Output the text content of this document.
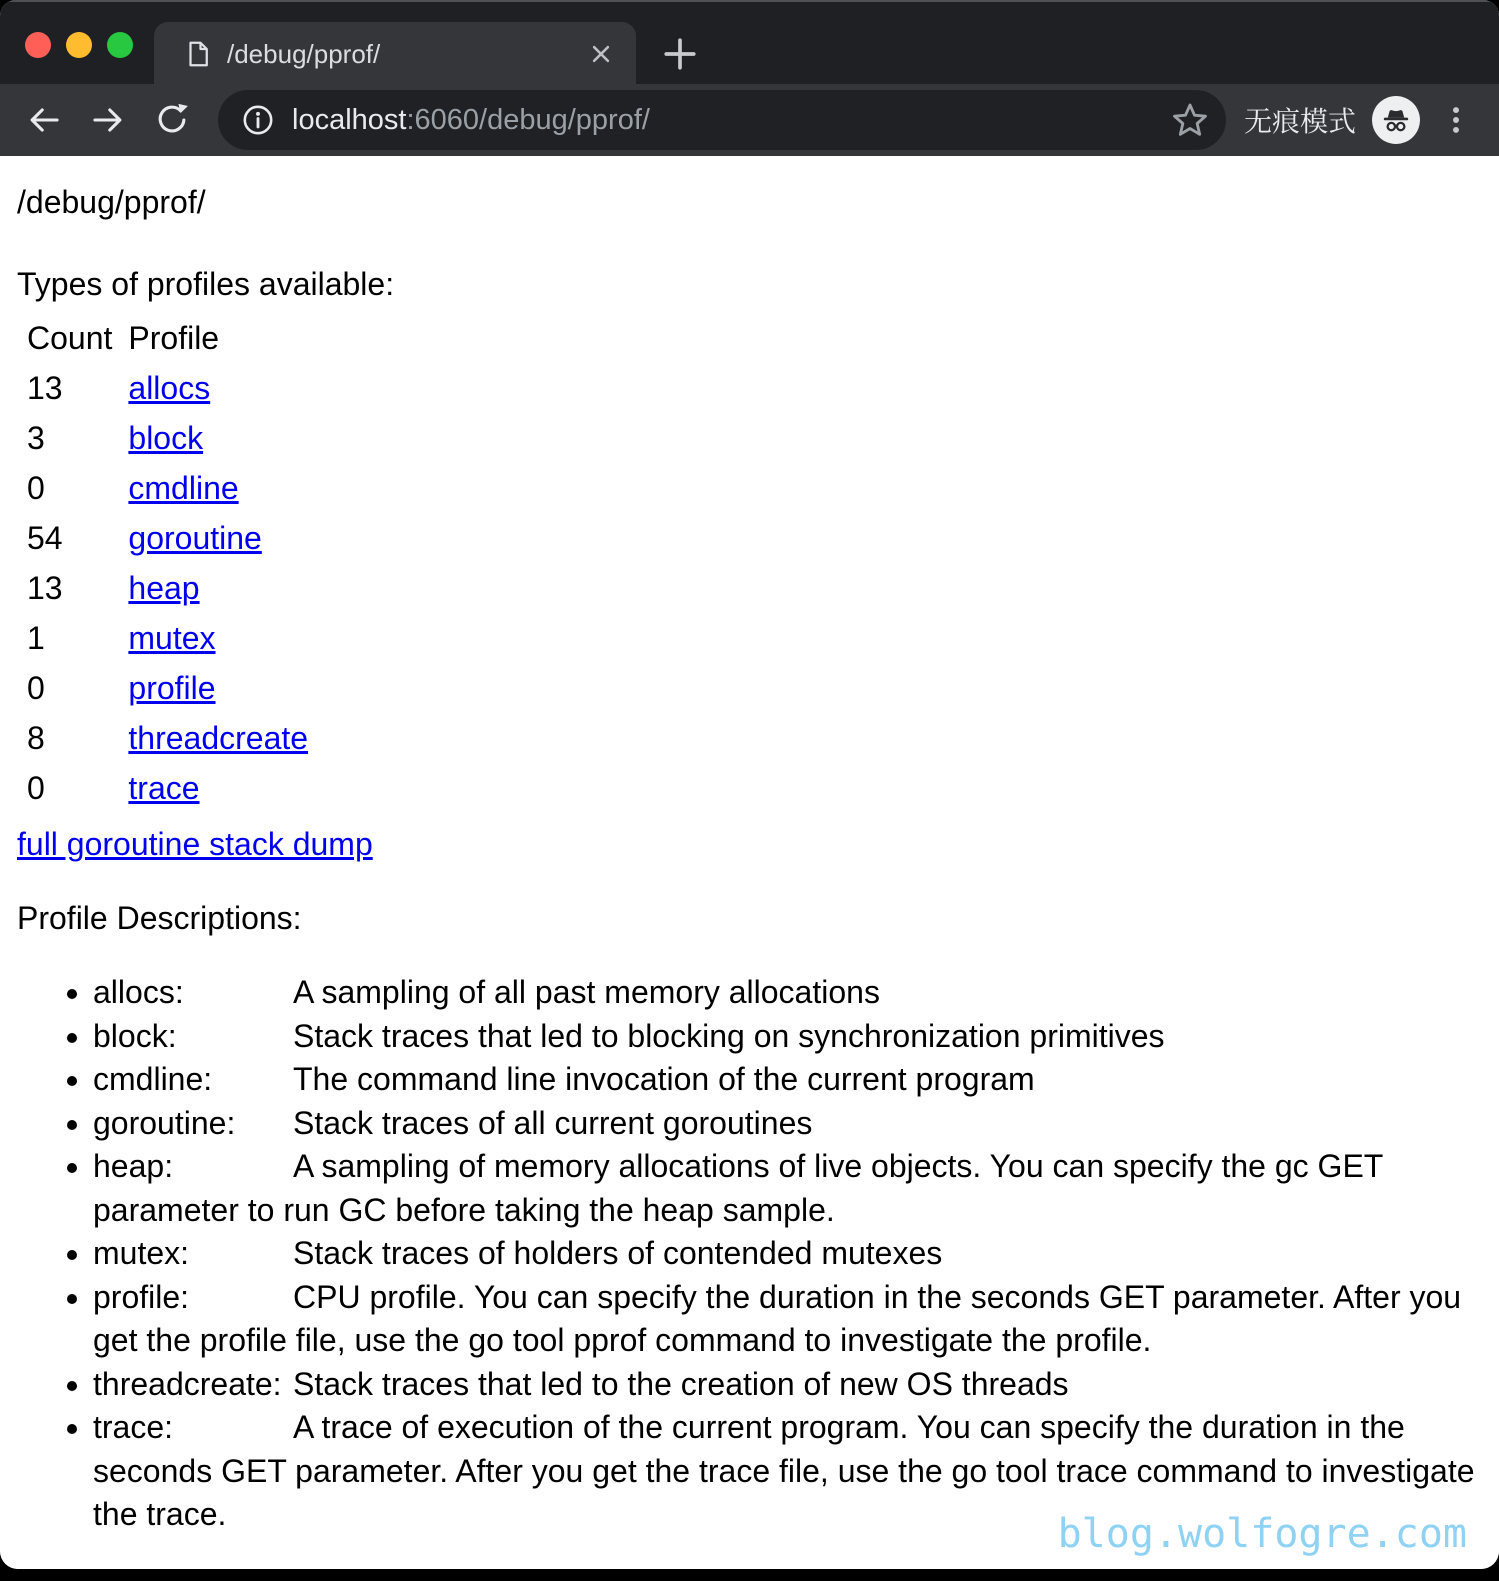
/debug/pprof/
localhost:6060/debug/pprof/	无痕模式
/debug/pprof/
Types of profiles available:
Count	Profile
13	allocs
3	block
0	cmdline
54	goroutine
13	heap
1	mutex
0	profile
8	threadcreate
0	trace
full goroutine stack dump
Profile Descriptions:
• allocs:	A sampling of all past memory allocations
• block:	Stack traces that led to blocking on synchronization primitives
• cmdline:	The command line invocation of the current program
• goroutine: Stack traces of all current goroutines
• heap:	A sampling of memory allocations of live objects. You can specify the gc GET parameter to run GC before taking the heap sample.
• mutex:	Stack traces of holders of contended mutexes
• profile:	CPU profile. You can specify the duration in the seconds GET parameter. After you get the profile file, use the go tool pprof command to investigate the profile.
• threadcreate: Stack traces that led to the creation of new OS threads
• trace:	A trace of execution of the current program. You can specify the duration in the seconds GET parameter. After you get the trace file, use the go tool trace command to investigate the trace.	blog.wolfogre.com
